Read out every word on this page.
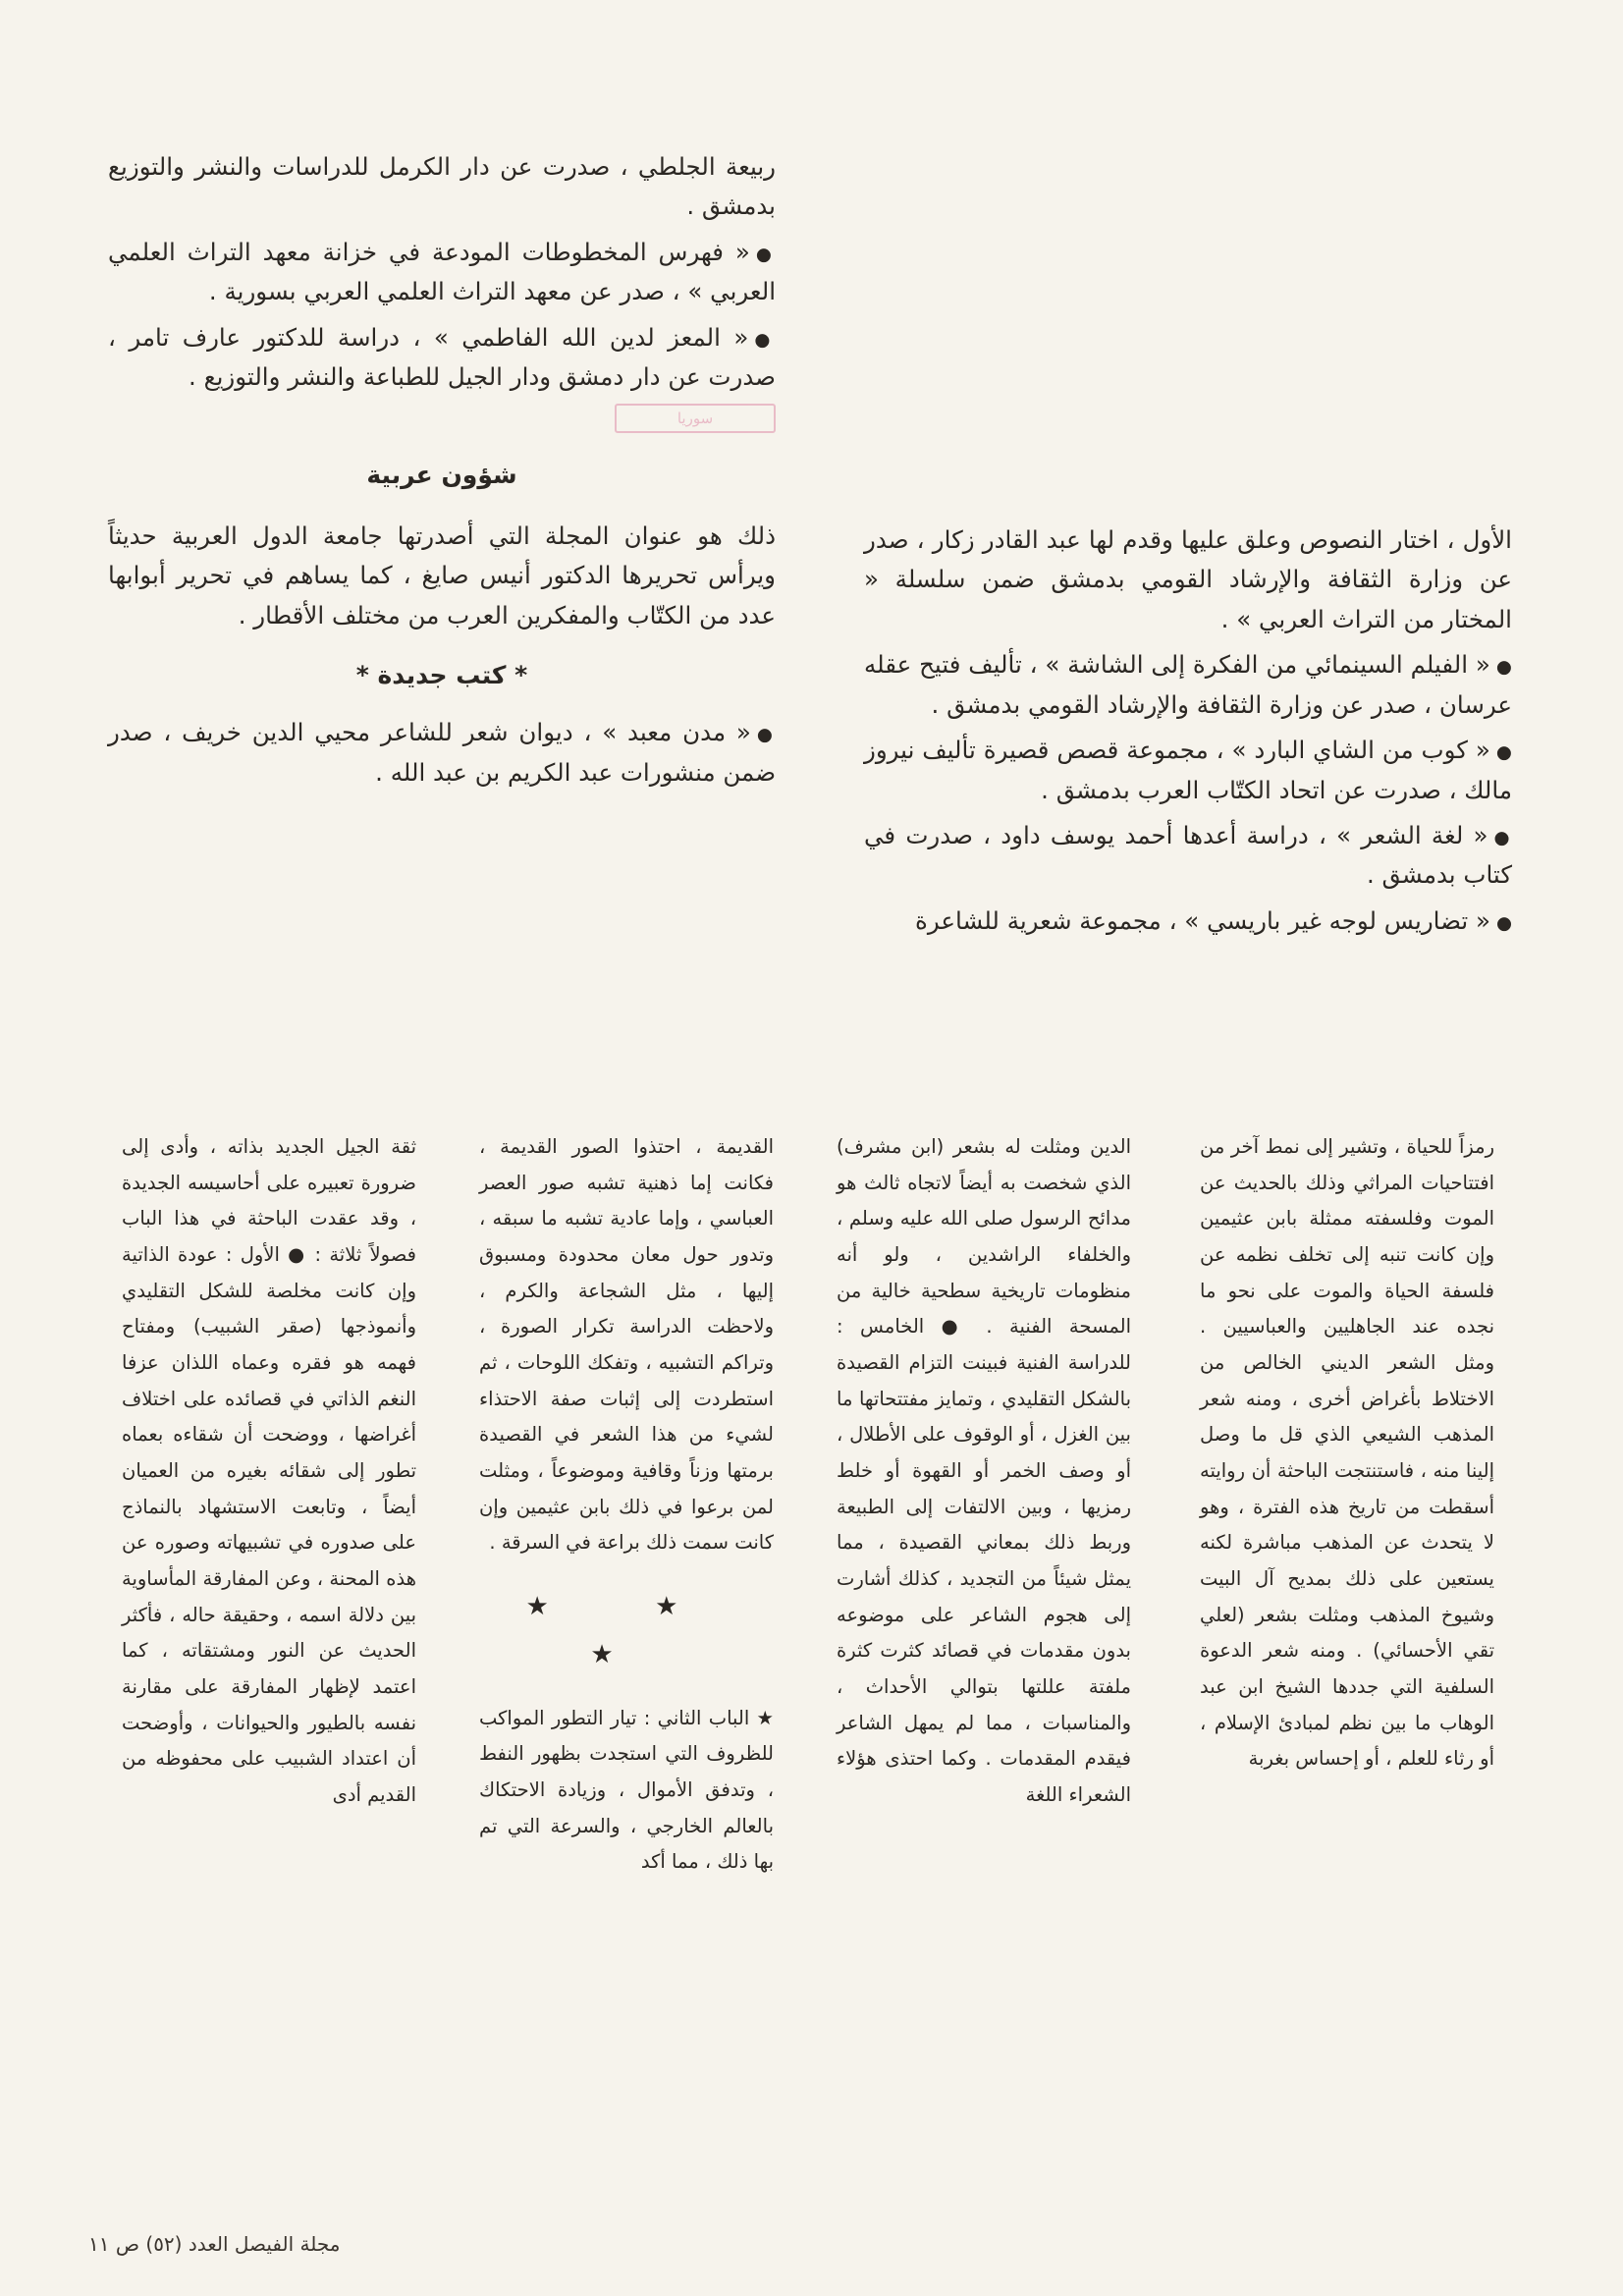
ربيعة الجلطي ، صدرت عن دار الكرمل للدراسات والنشر والتوزيع بدمشق .

●« فهرس المخطوطات المودعة في خزانة معهد التراث العلمي العربي » ، صدر عن معهد التراث العلمي العربي بسورية .

●« المعز لدين الله الفاطمي » ، دراسة للدكتور عارف تامر ، صدرت عن دار دمشق ودار الجيل للطباعة والنشر والتوزيع .

سوريا
شؤون عربية

ذلك هو عنوان المجلة التي أصدرتها جامعة الدول العربية حديثاً ويرأس تحريرها الدكتور أنيس صايغ ، كما يساهم في تحرير أبوابها عدد من الكتّاب والمفكرين العرب من مختلف الأقطار .

* كتب جديدة *

●« مدن معبد » ، ديوان شعر للشاعر محيي الدين خريف ، صدر ضمن منشورات عبد الكريم بن عبد الله .

الأول ، اختار النصوص وعلق عليها وقدم لها عبد القادر زكار ، صدر عن وزارة الثقافة والإرشاد القومي بدمشق ضمن سلسلة « المختار من التراث العربي » .

●« الفيلم السينمائي من الفكرة إلى الشاشة » ، تأليف فتيح عقله عرسان ، صدر عن وزارة الثقافة والإرشاد القومي بدمشق .

●« كوب من الشاي البارد » ، مجموعة قصص قصيرة تأليف نيروز مالك ، صدرت عن اتحاد الكتّاب العرب بدمشق .

●« لغة الشعر » ، دراسة أعدها أحمد يوسف داود ، صدرت في كتاب بدمشق .

●« تضاريس لوجه غير باريسي » ، مجموعة شعرية للشاعرة

رمزاً للحياة ، وتشير إلى نمط آخر من افتتاحيات المراثي وذلك بالحديث عن الموت وفلسفته ممثلة بابن عثيمين وإن كانت تنبه إلى تخلف نظمه عن فلسفة الحياة والموت على نحو ما نجده عند الجاهليين والعباسيين . ومثل الشعر الديني الخالص من الاختلاط بأغراض أخرى ، ومنه شعر المذهب الشيعي الذي قل ما وصل إلينا منه ، فاستنتجت الباحثة أن روايته أسقطت من تاريخ هذه الفترة ، وهو لا يتحدث عن المذهب مباشرة لكنه يستعين على ذلك بمديح آل البيت وشيوخ المذهب ومثلت بشعر (لعلي تقي الأحسائي) . ومنه شعر الدعوة السلفية التي جددها الشيخ ابن عبد الوهاب ما بين نظم لمبادئ الإسلام ، أو رثاء للعلم ، أو إحساس بغربة

الدين ومثلت له بشعر (ابن مشرف) الذي شخصت به أيضاً لاتجاه ثالث هو مدائح الرسول صلى الله عليه وسلم ، والخلفاء الراشدين ، ولو أنه منظومات تاريخية سطحية خالية من المسحة الفنية . ● الخامس : للدراسة الفنية فبينت التزام القصيدة بالشكل التقليدي ، وتمايز مفتتحاتها ما بين الغزل ، أو الوقوف على الأطلال ، أو وصف الخمر أو القهوة أو خلط رمزيها ، وبين الالتفات إلى الطبيعة وربط ذلك بمعاني القصيدة ، مما يمثل شيئاً من التجديد ، كذلك أشارت إلى هجوم الشاعر على موضوعه بدون مقدمات في قصائد كثرت كثرة ملفتة عللتها بتوالي الأحداث ، والمناسبات ، مما لم يمهل الشاعر فيقدم المقدمات . وكما احتذى هؤلاء الشعراء اللغة

القديمة ، احتذوا الصور القديمة ، فكانت إما ذهنية تشبه صور العصر العباسي ، وإما عادية تشبه ما سبقه ، وتدور حول معان محدودة ومسبوق إليها ، مثل الشجاعة والكرم ، ولاحظت الدراسة تكرار الصورة ، وتراكم التشبيه ، وتفكك اللوحات ، ثم استطردت إلى إثبات صفة الاحتذاء لشيء من هذا الشعر في القصيدة برمتها وزناً وقافية وموضوعاً ، ومثلت لمن برعوا في ذلك بابن عثيمين وإن كانت سمت ذلك براعة في السرقة .

★ ★ ★

★ الباب الثاني : تيار التطور المواكب للظروف التي استجدت بظهور النفط ، وتدفق الأموال ، وزيادة الاحتكاك بالعالم الخارجي ، والسرعة التي تم بها ذلك ، مما أكد

ثقة الجيل الجديد بذاته ، وأدى إلى ضرورة تعبيره على أحاسيسه الجديدة ، وقد عقدت الباحثة في هذا الباب فصولاً ثلاثة : ● الأول : عودة الذاتية وإن كانت مخلصة للشكل التقليدي وأنموذجها (صقر الشبيب) ومفتاح فهمه هو فقره وعماه اللذان عزفا النغم الذاتي في قصائده على اختلاف أغراضها ، ووضحت أن شقاءه بعماه تطور إلى شقائه بغيره من العميان أيضاً ، وتابعت الاستشهاد بالنماذج على صدوره في تشبيهاته وصوره عن هذه المحنة ، وعن المفارقة المأساوية بين دلالة اسمه ، وحقيقة حاله ، فأكثر الحديث عن النور ومشتقاته ، كما اعتمد لإظهار المفارقة على مقارنة نفسه بالطيور والحيوانات ، وأوضحت أن اعتداد الشبيب على محفوظه من القديم أدى

مجلة الفيصل العدد (٥٢) ص ١١
